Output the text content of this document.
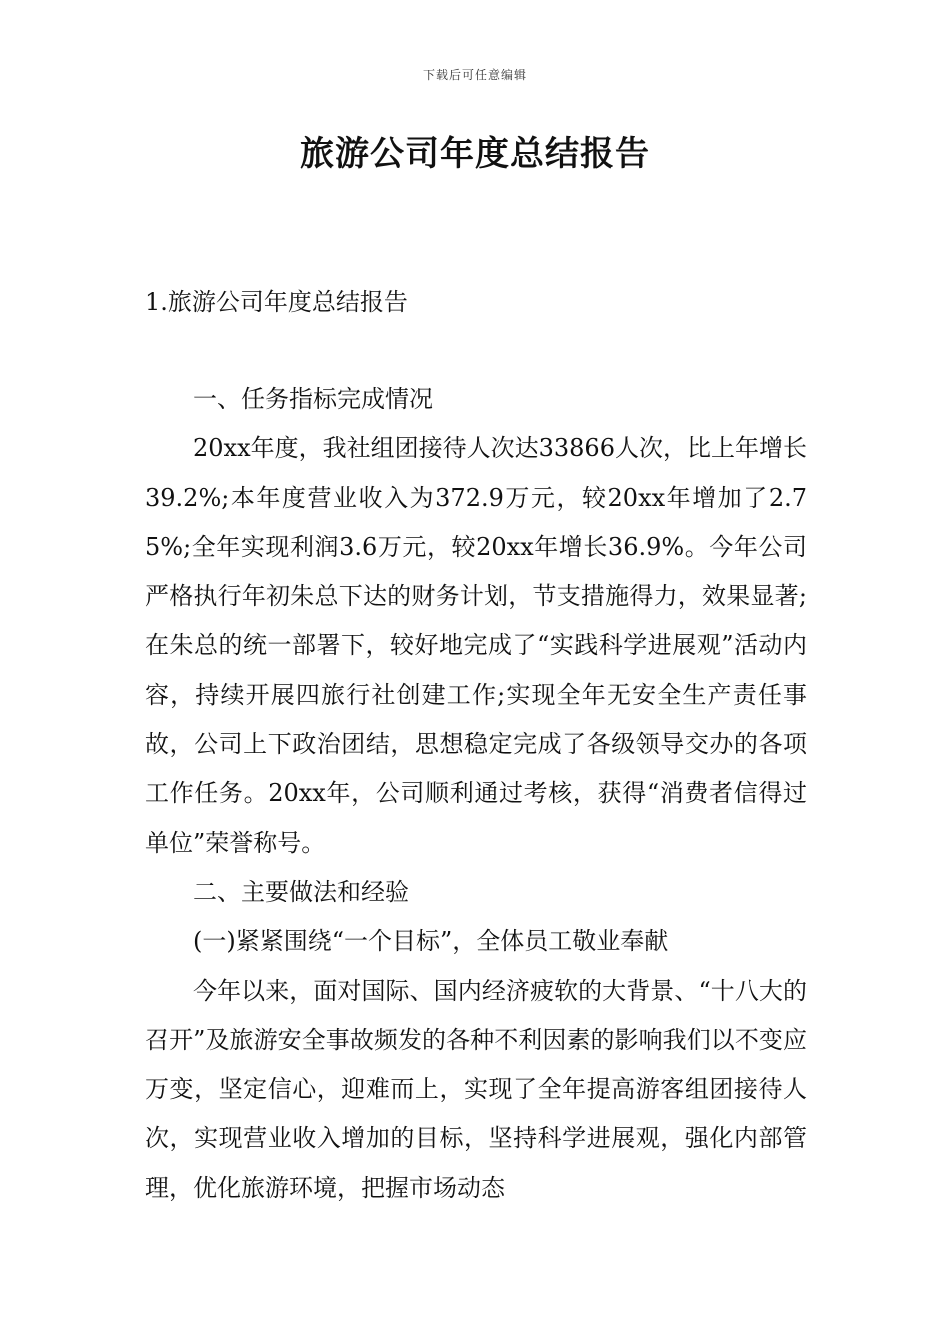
下载后可任意编辑
旅游公司年度总结报告
1.旅游公司年度总结报告

一、任务指标完成情况

20xx年度，我社组团接待人次达33866人次，比上年增长39.2%;本年度营业收入为372.9万元，较20xx年增加了2.75%;全年实现利润3.6万元，较20xx年增长36.9%。今年公司严格执行年初朱总下达的财务计划，节支措施得力，效果显著;在朱总的统一部署下，较好地完成了“实践科学进展观”活动内容，持续开展四旅行社创建工作;实现全年无安全生产责任事故，公司上下政治团结，思想稳定完成了各级领导交办的各项工作任务。20xx年，公司顺利通过考核，获得“消费者信得过单位”荣誉称号。

二、主要做法和经验

(一)紧紧围绕“一个目标”，全体员工敬业奉献

今年以来，面对国际、国内经济疲软的大背景、“十八大的召开”及旅游安全事故频发的各种不利因素的影响我们以不变应万变，坚定信心，迎难而上，实现了全年提高游客组团接待人次，实现营业收入增加的目标，坚持科学进展观，强化内部管理，优化旅游环境，把握市场动态
